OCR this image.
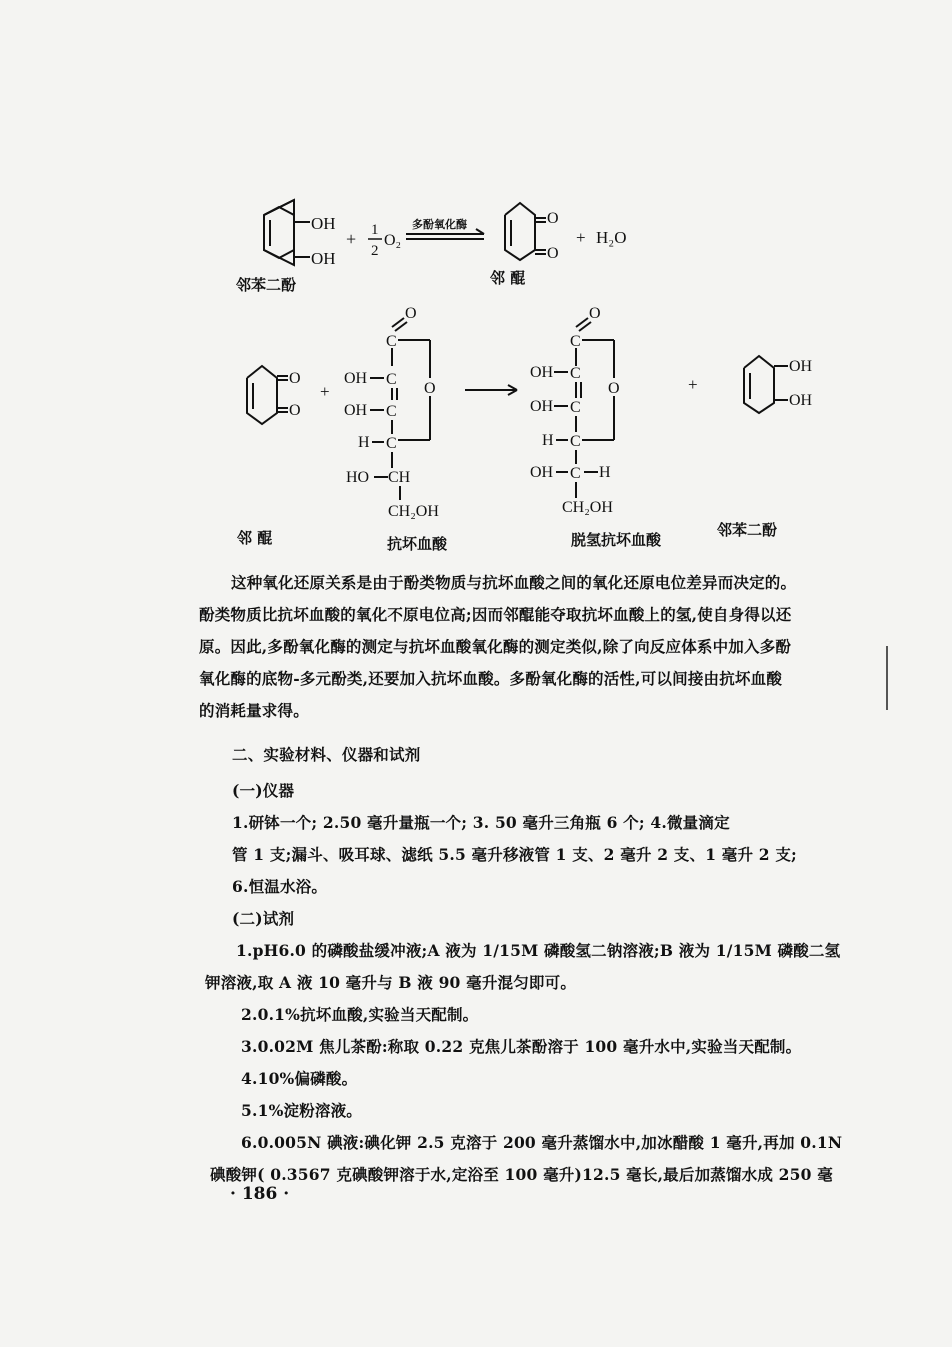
OH
OH
+ 1
2
O₂
多酚氧化酶	O
O
+ H₂O
邻苯二酚	邻 醌
O
O
+
O
C
OH C
O
OH C
H C
HO CH
CH₂OH
O
C
OH C
O
OH C
H C
OH C H
CH₂OH
+
OH
OH
邻 醌	抗坏血酸	脱氢抗坏血酸
邻苯二酚
这种氧化还原关系是由于酚类物质与抗坏血酸之间的氧化还原电位差异而决定的。
酚类物质比抗坏血酸的氧化不原电位高;因而邻醌能夺取抗坏血酸上的氢,使自身得以还
原。因此,多酚氧化酶的测定与抗坏血酸氧化酶的测定类似,除了向反应体系中加入多酚
氧化酶的底物-多元酚类,还要加入抗坏血酸。多酚氧化酶的活性,可以间接由抗坏血酸
的消耗量求得。
二、实验材料、仪器和试剂
(一)仪器
1.研钵一个; 2.50 毫升量瓶一个; 3. 50 毫升三角瓶 6 个; 4.微量滴定
管 1 支;漏斗、吸耳球、滤纸 5.5 毫升移液管 1 支、2 毫升 2 支、1 毫升 2 支;
6.恒温水浴。
(二)试剂
1.pH6.0 的磷酸盐缓冲液;A 液为 1/15M 磷酸氢二钠溶液;B 液为 1/15M 磷酸二氢
钾溶液,取 A 液 10 毫升与 B 液 90 毫升混匀即可。
2.0.1%抗坏血酸,实验当天配制。
3.0.02M 焦儿茶酚:称取 0.22 克焦儿茶酚溶于 100 毫升水中,实验当天配制。
4.10%偏磷酸。
5.1%淀粉溶液。
6.0.005N 碘液:碘化钾 2.5 克溶于 200 毫升蒸馏水中,加冰醋酸 1 毫升,再加 0.1N
碘酸钾( 0.3567 克碘酸钾溶于水,定浴至 100 毫升)12.5 毫长,最后加蒸馏水成 250 毫
· 186 ·
